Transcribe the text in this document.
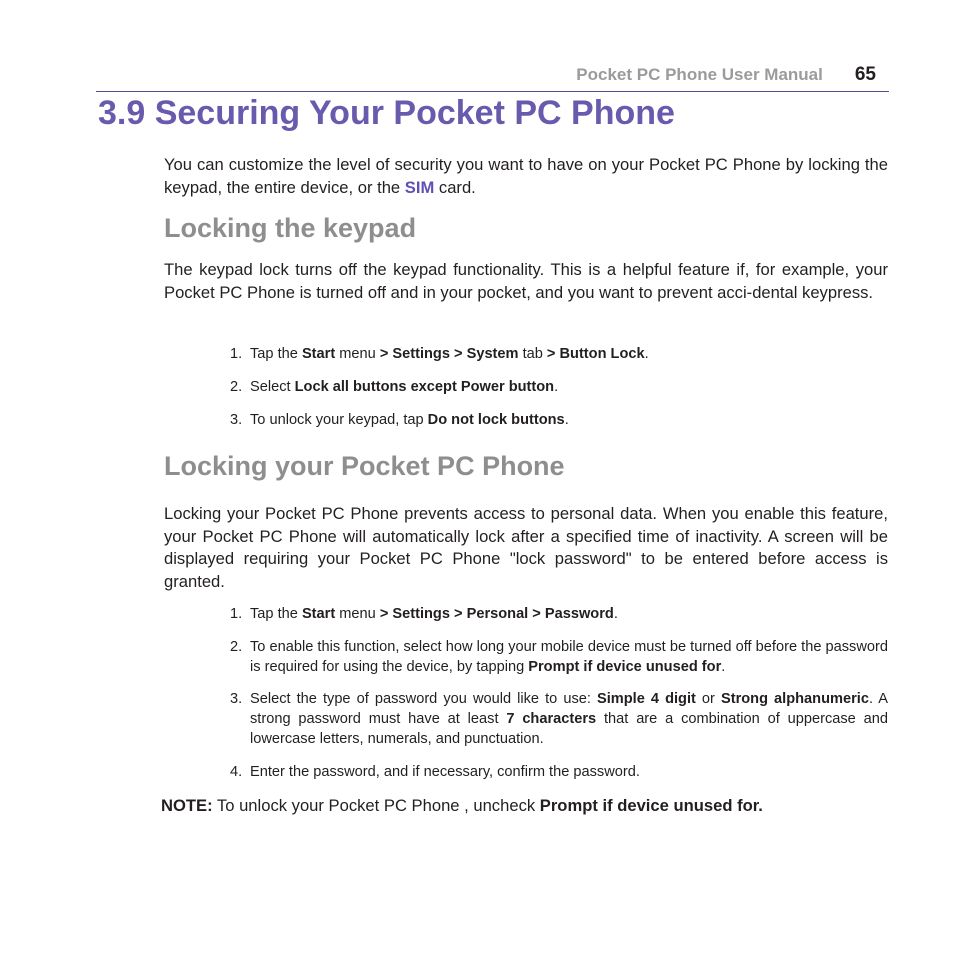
Pocket PC Phone User Manual 65
3.9 Securing Your Pocket PC Phone

You can customize the level of security you want to have on your Pocket PC Phone by locking the keypad, the entire device, or the SIM card.

Locking the keypad

The keypad lock turns off the keypad functionality. This is a helpful feature if, for example, your Pocket PC Phone is turned off and in your pocket, and you want to prevent acci-dental keypress.

1. Tap the Start menu > Settings > System tab > Button Lock.
2. Select Lock all buttons except Power button.
3. To unlock your keypad, tap Do not lock buttons.
Locking your Pocket PC Phone

Locking your Pocket PC Phone prevents access to personal data. When you enable this feature, your Pocket PC Phone will automatically lock after a specified time of inactivity. A screen will be displayed requiring your Pocket PC Phone "lock password" to be entered before access is granted.

1. Tap the Start menu > Settings > Personal > Password.
2. To enable this function, select how long your mobile device must be turned off before the password is required for using the device, by tapping Prompt if device unused for.
3. Select the type of password you would like to use: Simple 4 digit or Strong alphanumeric. A strong password must have at least 7 characters that are a combination of uppercase and lowercase letters, numerals, and punctuation.
4. Enter the password, and if necessary, confirm the password.
NOTE: To unlock your Pocket PC Phone , uncheck Prompt if device unused for.
